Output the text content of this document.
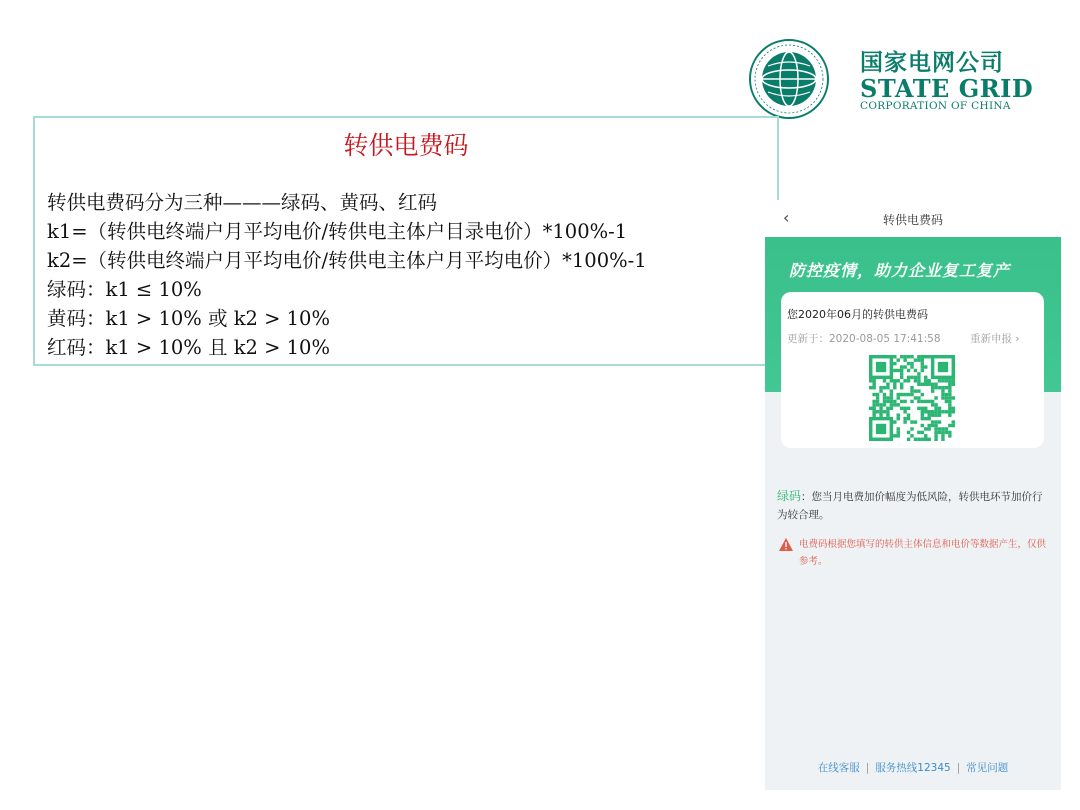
国家电网公司
STATE GRID
CORPORATION OF CHINA
转供电费码
转供电费码分为三种———绿码、黄码、红码
k1=（转供电终端户月平均电价/转供电主体户目录电价）*100%-1
k2=（转供电终端户月平均电价/转供电主体户月平均电价）*100%-1
绿码：k1 ≤ 10%
黄码：k1 > 10% 或 k2 > 10%
红码：k1 > 10% 且 k2 > 10%
‹	转供电费码
防控疫情，助力企业复工复产
您2020年06月的转供电费码
更新于：2020-08-05 17:41:58	重新申报 ›
绿码：您当月电费加价幅度为低风险，转供电环节加价行为较合理。
电费码根据您填写的转供主体信息和电价等数据产生，仅供参考。
在线客服 | 服务热线12345 | 常见问题
